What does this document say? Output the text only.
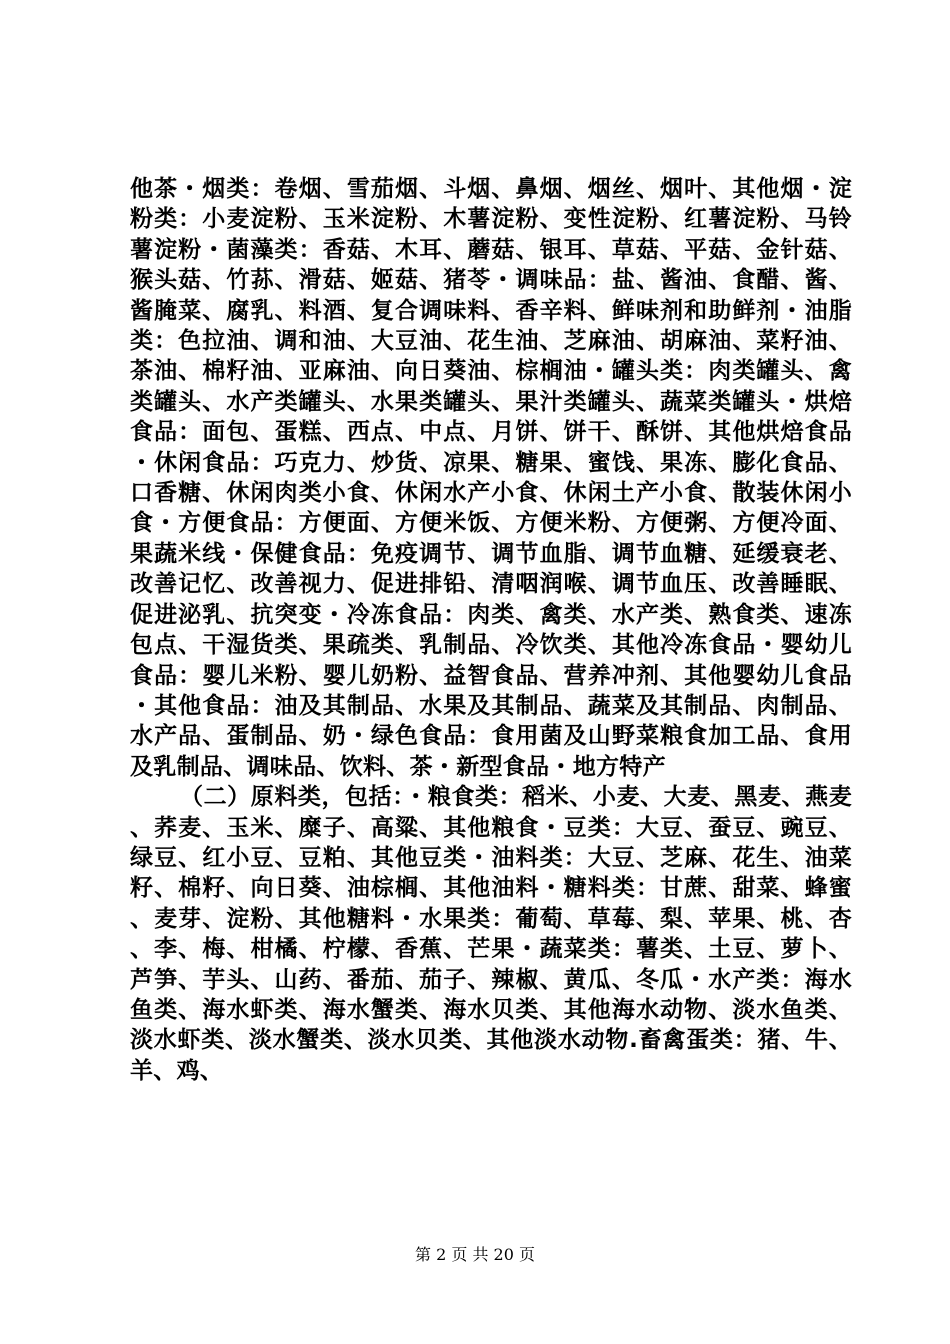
他茶・烟类：卷烟、雪茄烟、斗烟、鼻烟、烟丝、烟叶、其他烟・淀粉类：小麦淀粉、玉米淀粉、木薯淀粉、变性淀粉、红薯淀粉、马铃薯淀粉・菌藻类：香菇、木耳、蘑菇、银耳、草菇、平菇、金针菇、猴头菇、竹荪、滑菇、姬菇、猪苓・调味品：盐、酱油、食醋、酱、酱腌菜、腐乳、料酒、复合调味料、香辛料、鲜味剂和助鲜剂・油脂类：色拉油、调和油、大豆油、花生油、芝麻油、胡麻油、菜籽油、茶油、棉籽油、亚麻油、向日葵油、棕榈油・罐头类：肉类罐头、禽类罐头、水产类罐头、水果类罐头、果汁类罐头、蔬菜类罐头・烘焙食品：面包、蛋糕、西点、中点、月饼、饼干、酥饼、其他烘焙食品・休闲食品：巧克力、炒货、凉果、糖果、蜜饯、果冻、膨化食品、口香糖、休闲肉类小食、休闲水产小食、休闲土产小食、散装休闲小食・方便食品：方便面、方便米饭、方便米粉、方便粥、方便冷面、果蔬米线・保健食品：免疫调节、调节血脂、调节血糖、延缓衰老、改善记忆、改善视力、促进排铅、清咽润喉、调节血压、改善睡眠、促进泌乳、抗突变・冷冻食品：肉类、禽类、水产类、熟食类、速冻包点、干湿货类、果疏类、乳制品、冷饮类、其他冷冻食品・婴幼儿食品：婴儿米粉、婴儿奶粉、益智食品、营养冲剂、其他婴幼儿食品・其他食品：油及其制品、水果及其制品、蔬菜及其制品、肉制品、水产品、蛋制品、奶・绿色食品：食用菌及山野菜粮食加工品、食用及乳制品、调味品、饮料、茶・新型食品・地方特产

（二）原料类，包括：・粮食类：稻米、小麦、大麦、黑麦、燕麦、荞麦、玉米、糜子、高粱、其他粮食・豆类：大豆、蚕豆、豌豆、绿豆、红小豆、豆粕、其他豆类・油料类：大豆、芝麻、花生、油菜籽、棉籽、向日葵、油棕榈、其他油料・糖料类：甘蔗、甜菜、蜂蜜、麦芽、淀粉、其他糖料・水果类：葡萄、草莓、梨、苹果、桃、杏、李、梅、柑橘、柠檬、香蕉、芒果・蔬菜类：薯类、土豆、萝卜、芦笋、芋头、山药、番茄、茄子、辣椒、黄瓜、冬瓜・水产类：海水鱼类、海水虾类、海水蟹类、海水贝类、其他海水动物、淡水鱼类、淡水虾类、淡水蟹类、淡水贝类、其他淡水动物.畜禽蛋类：猪、牛、羊、鸡、

第 2 页 共 20 页
